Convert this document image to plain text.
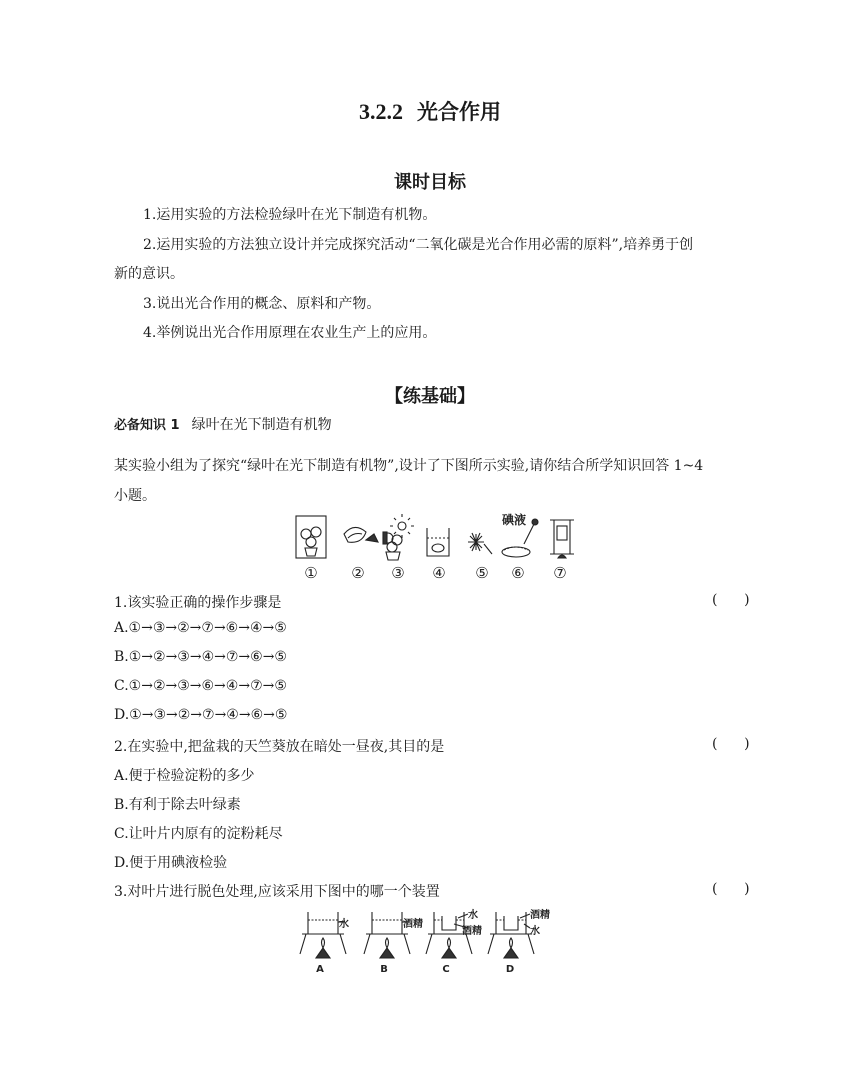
3.2.2 光合作用
课时目标
1.运用实验的方法检验绿叶在光下制造有机物。
2.运用实验的方法独立设计并完成探究活动“二氧化碳是光合作用必需的原料”,培养勇于创
新的意识。
3.说出光合作用的概念、原料和产物。
4.举例说出光合作用原理在农业生产上的应用。
【练基础】
必备知识 1 绿叶在光下制造有机物
某实验小组为了探究“绿叶在光下制造有机物”,设计了下图所示实验,请你结合所学知识回答 1~4
小题。
碘液
① ② ③ ④ ⑤ ⑥ ⑦
1.该实验正确的操作步骤是	(      )
A.①→③→②→⑦→⑥→④→⑤
B.①→②→③→④→⑦→⑥→⑤
C.①→②→③→⑥→④→⑦→⑤
D.①→③→②→⑦→④→⑥→⑤
2.在实验中,把盆栽的天竺葵放在暗处一昼夜,其目的是	(      )
A.便于检验淀粉的多少
B.有利于除去叶绿素
C.让叶片内原有的淀粉耗尽
D.便于用碘液检验
3.对叶片进行脱色处理,应该采用下图中的哪一个装置	(      )
水	酒精
水
酒精
酒精
水
A	B	C	D
